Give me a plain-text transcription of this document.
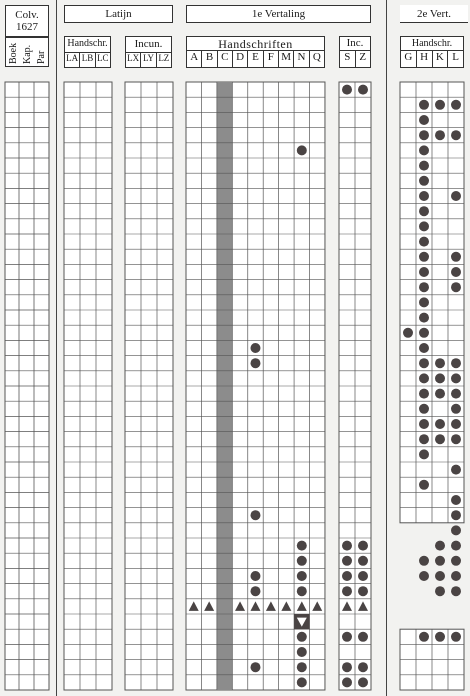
Colv.
1627
Boek Kap. Par
Latijn
Handschr.
LA LB LC
Incun.
LX LY LZ
1e Vertaling
Handschriften
A B C D E F M N Q
Inc.
S Z
2e Vert.
Handschr.
G H K L
